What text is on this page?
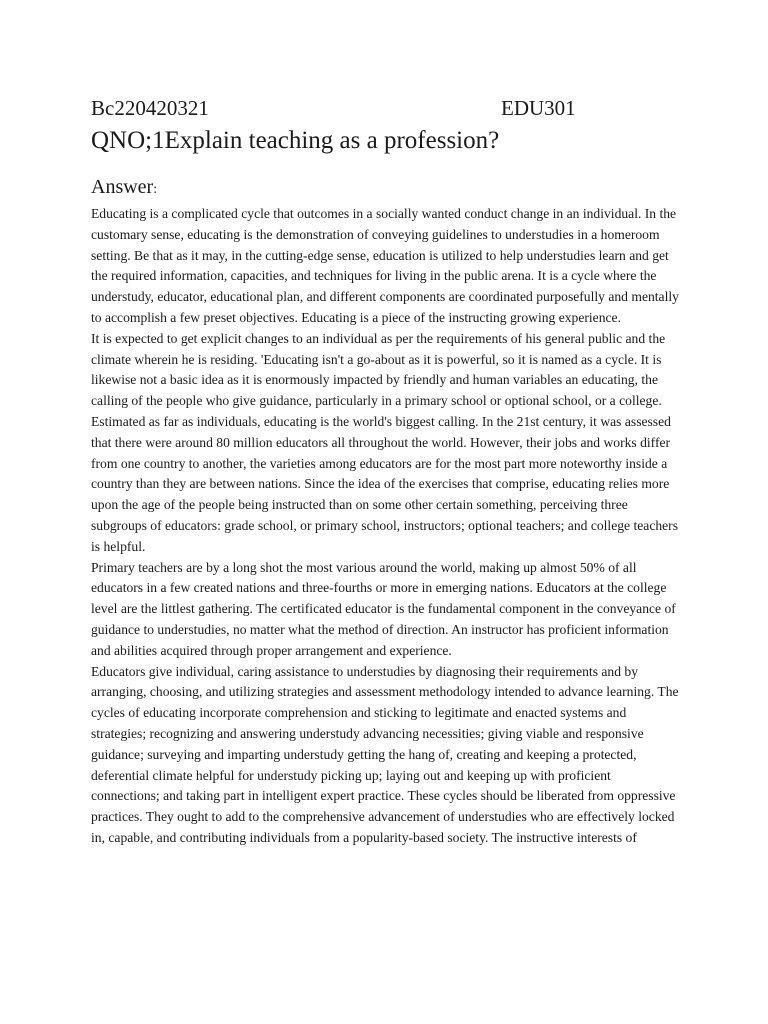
Bc220420321	EDU301
QNO;1Explain teaching as a profession?
Answer:

Educating is a complicated cycle that outcomes in a socially wanted conduct change in an individual. In the customary sense, educating is the demonstration of conveying guidelines to understudies in a homeroom setting. Be that as it may, in the cutting-edge sense, education is utilized to help understudies learn and get the required information, capacities, and techniques for living in the public arena. It is a cycle where the understudy, educator, educational plan, and different components are coordinated purposefully and mentally to accomplish a few preset objectives. Educating is a piece of the instructing growing experience.

It is expected to get explicit changes to an individual as per the requirements of his general public and the climate wherein he is residing. 'Educating isn't a go-about as it is powerful, so it is named as a cycle. It is likewise not a basic idea as it is enormously impacted by friendly and human variables an educating, the calling of the people who give guidance, particularly in a primary school or optional school, or a college.

Estimated as far as individuals, educating is the world's biggest calling. In the 21st century, it was assessed that there were around 80 million educators all throughout the world. However, their jobs and works differ from one country to another, the varieties among educators are for the most part more noteworthy inside a country than they are between nations. Since the idea of the exercises that comprise, educating relies more upon the age of the people being instructed than on some other certain something, perceiving three subgroups of educators: grade school, or primary school, instructors; optional teachers; and college teachers is helpful.

Primary teachers are by a long shot the most various around the world, making up almost 50% of all educators in a few created nations and three-fourths or more in emerging nations. Educators at the college level are the littlest gathering. The certificated educator is the fundamental component in the conveyance of guidance to understudies, no matter what the method of direction. An instructor has proficient information and abilities acquired through proper arrangement and experience.

Educators give individual, caring assistance to understudies by diagnosing their requirements and by arranging, choosing, and utilizing strategies and assessment methodology intended to advance learning. The cycles of educating incorporate comprehension and sticking to legitimate and enacted systems and strategies; recognizing and answering understudy advancing necessities; giving viable and responsive guidance; surveying and imparting understudy getting the hang of, creating and keeping a protected, deferential climate helpful for understudy picking up; laying out and keeping up with proficient connections; and taking part in intelligent expert practice. These cycles should be liberated from oppressive practices. They ought to add to the comprehensive advancement of understudies who are effectively locked in, capable, and contributing individuals from a popularity-based society. The instructive interests of
